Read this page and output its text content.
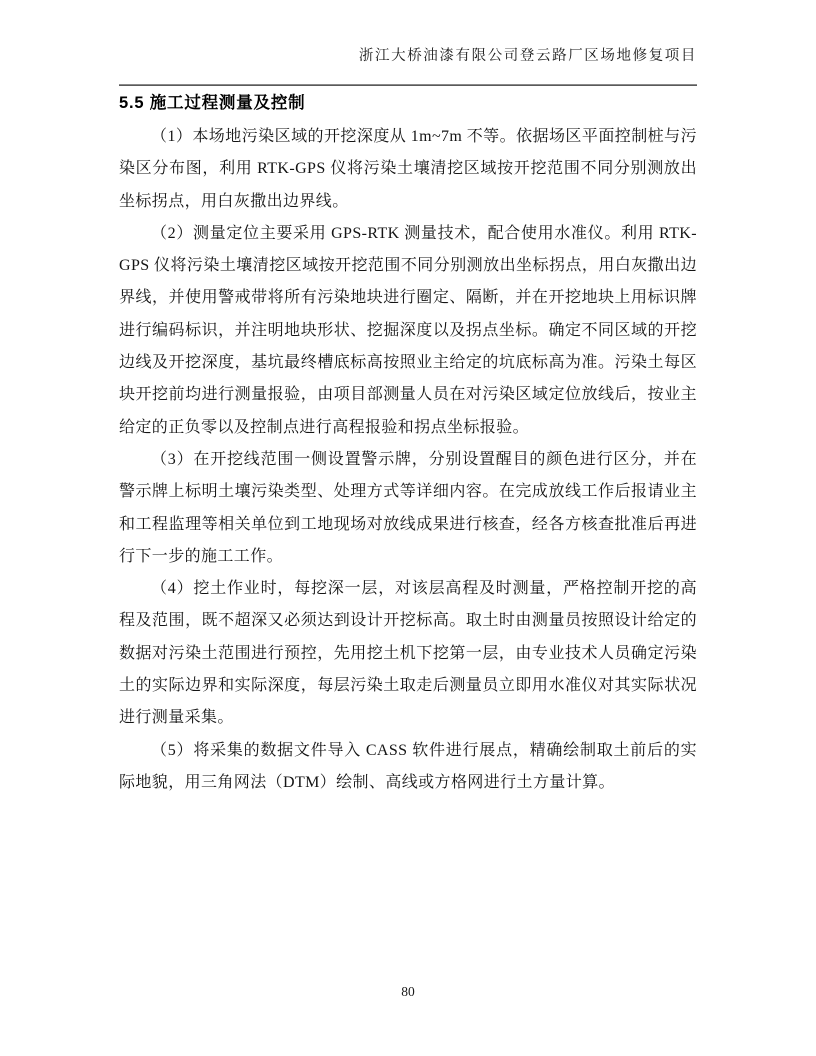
浙江大桥油漆有限公司登云路厂区场地修复项目
5.5 施工过程测量及控制

（1）本场地污染区域的开挖深度从 1m~7m 不等。依据场区平面控制桩与污染区分布图，利用 RTK-GPS 仪将污染土壤清挖区域按开挖范围不同分别测放出坐标拐点，用白灰撒出边界线。

（2）测量定位主要采用 GPS-RTK 测量技术，配合使用水准仪。利用 RTK-GPS 仪将污染土壤清挖区域按开挖范围不同分别测放出坐标拐点，用白灰撒出边界线，并使用警戒带将所有污染地块进行圈定、隔断，并在开挖地块上用标识牌进行编码标识，并注明地块形状、挖掘深度以及拐点坐标。确定不同区域的开挖边线及开挖深度，基坑最终槽底标高按照业主给定的坑底标高为准。污染土每区块开挖前均进行测量报验，由项目部测量人员在对污染区域定位放线后，按业主给定的正负零以及控制点进行高程报验和拐点坐标报验。

（3）在开挖线范围一侧设置警示牌，分别设置醒目的颜色进行区分，并在警示牌上标明土壤污染类型、处理方式等详细内容。在完成放线工作后报请业主和工程监理等相关单位到工地现场对放线成果进行核查，经各方核查批准后再进行下一步的施工工作。

（4）挖土作业时，每挖深一层，对该层高程及时测量，严格控制开挖的高程及范围，既不超深又必须达到设计开挖标高。取土时由测量员按照设计给定的数据对污染土范围进行预控，先用挖土机下挖第一层，由专业技术人员确定污染土的实际边界和实际深度，每层污染土取走后测量员立即用水准仪对其实际状况进行测量采集。

（5）将采集的数据文件导入 CASS 软件进行展点，精确绘制取土前后的实际地貌，用三角网法（DTM）绘制、高线或方格网进行土方量计算。

80
